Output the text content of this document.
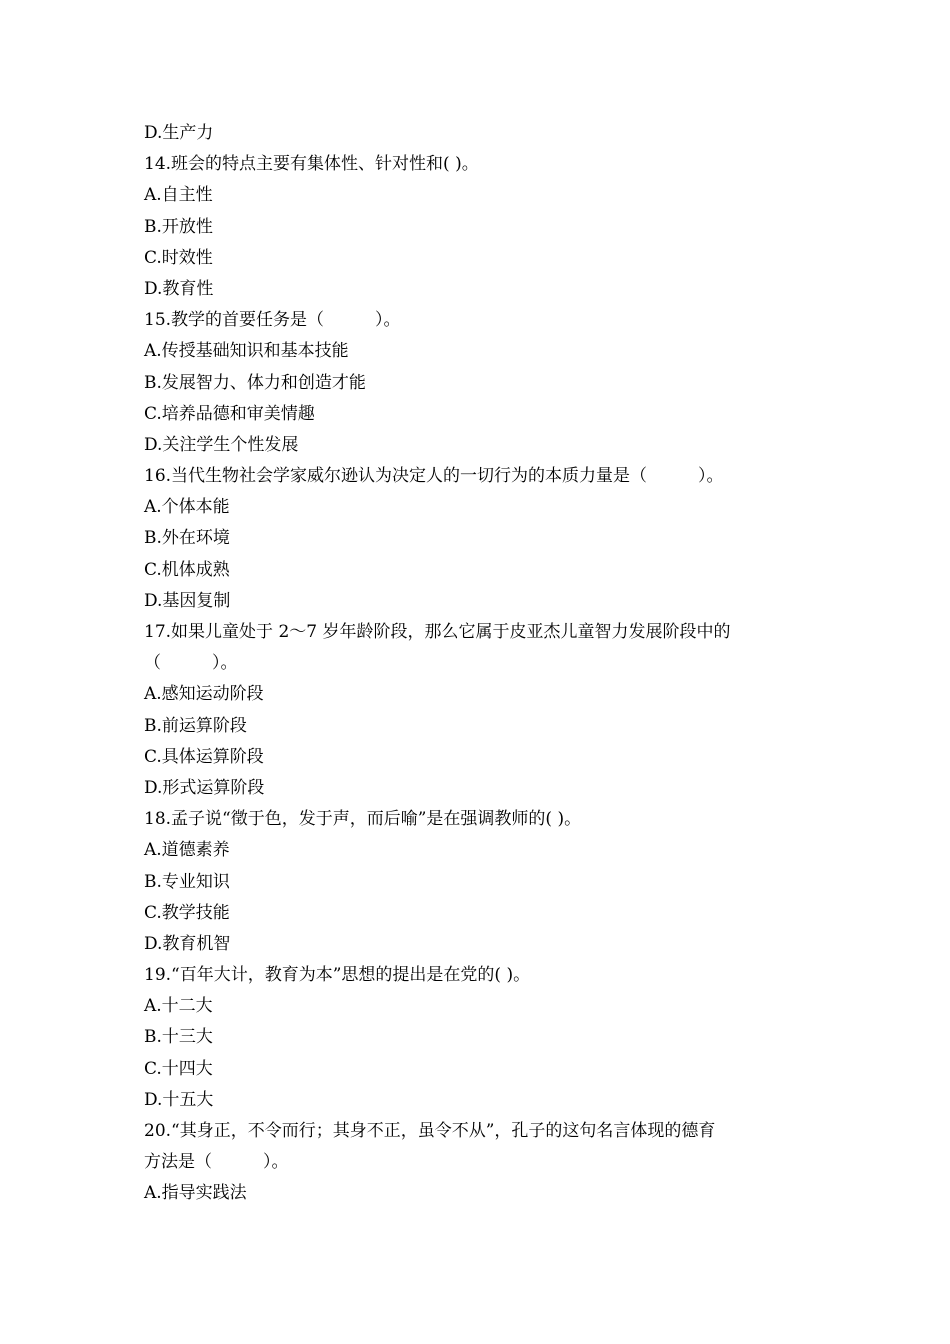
D.生产力
14.班会的特点主要有集体性、针对性和( )。
A.自主性
B.开放性
C.时效性
D.教育性
15.教学的首要任务是（　　　）。
A.传授基础知识和基本技能
B.发展智力、体力和创造才能
C.培养品德和审美情趣
D.关注学生个性发展
16.当代生物社会学家威尔逊认为决定人的一切行为的本质力量是（　　　）。
A.个体本能
B.外在环境
C.机体成熟
D.基因复制
17.如果儿童处于 2～7 岁年龄阶段，那么它属于皮亚杰儿童智力发展阶段中的
（　　　）。
A.感知运动阶段
B.前运算阶段
C.具体运算阶段
D.形式运算阶段
18.孟子说“徵于色，发于声，而后喻”是在强调教师的( )。
A.道德素养
B.专业知识
C.教学技能
D.教育机智
19.“百年大计，教育为本”思想的提出是在党的( )。
A.十二大
B.十三大
C.十四大
D.十五大
20.“其身正，不令而行；其身不正，虽令不从”，孔子的这句名言体现的德育
方法是（　　　）。
A.指导实践法
